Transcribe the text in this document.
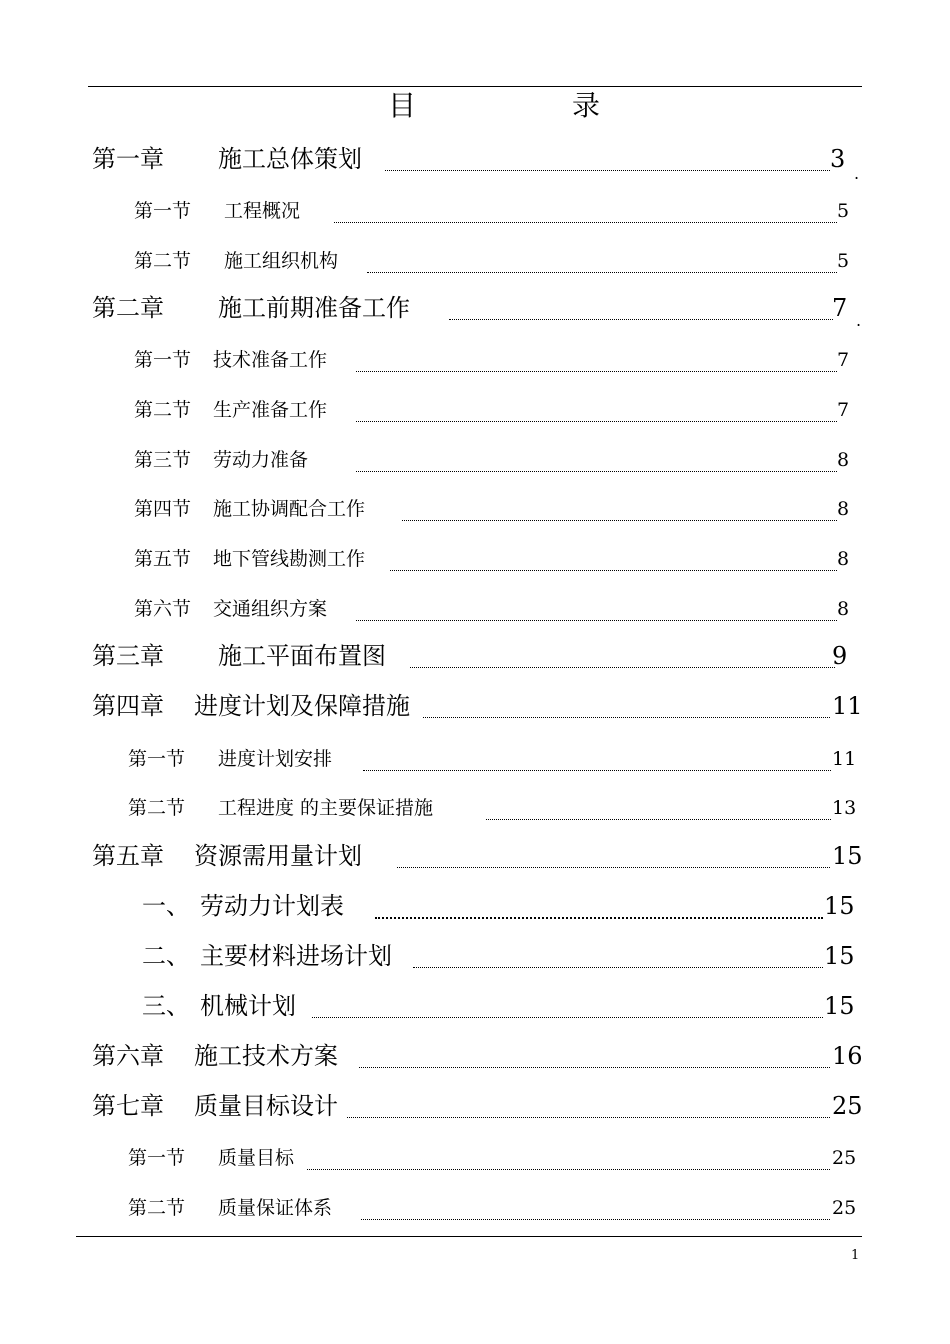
目	录
第一章 施工总体策划	3
.
第一节 工程概况	5
第二节 施工组织机构	5
第二章 施工前期准备工作	7 .
第一节 技术准备工作	7
第二节 生产准备工作	7
第三节 劳动力准备	8
第四节 施工协调配合工作	8
第五节 地下管线勘测工作	8
第六节 交通组织方案	8
第三章 施工平面布置图	9
第四章 进度计划及保障措施	11
第一节 进度计划安排	11
第二节 工程进度 的主要保证措施	13
第五章 资源需用量计划	15
一、 劳动力计划表	15
二、 主要材料进场计划	15
三、 机械计划	15
第六章 施工技术方案	16
第七章 质量目标设计	25
第一节 质量目标	25
第二节 质量保证体系	25
1
